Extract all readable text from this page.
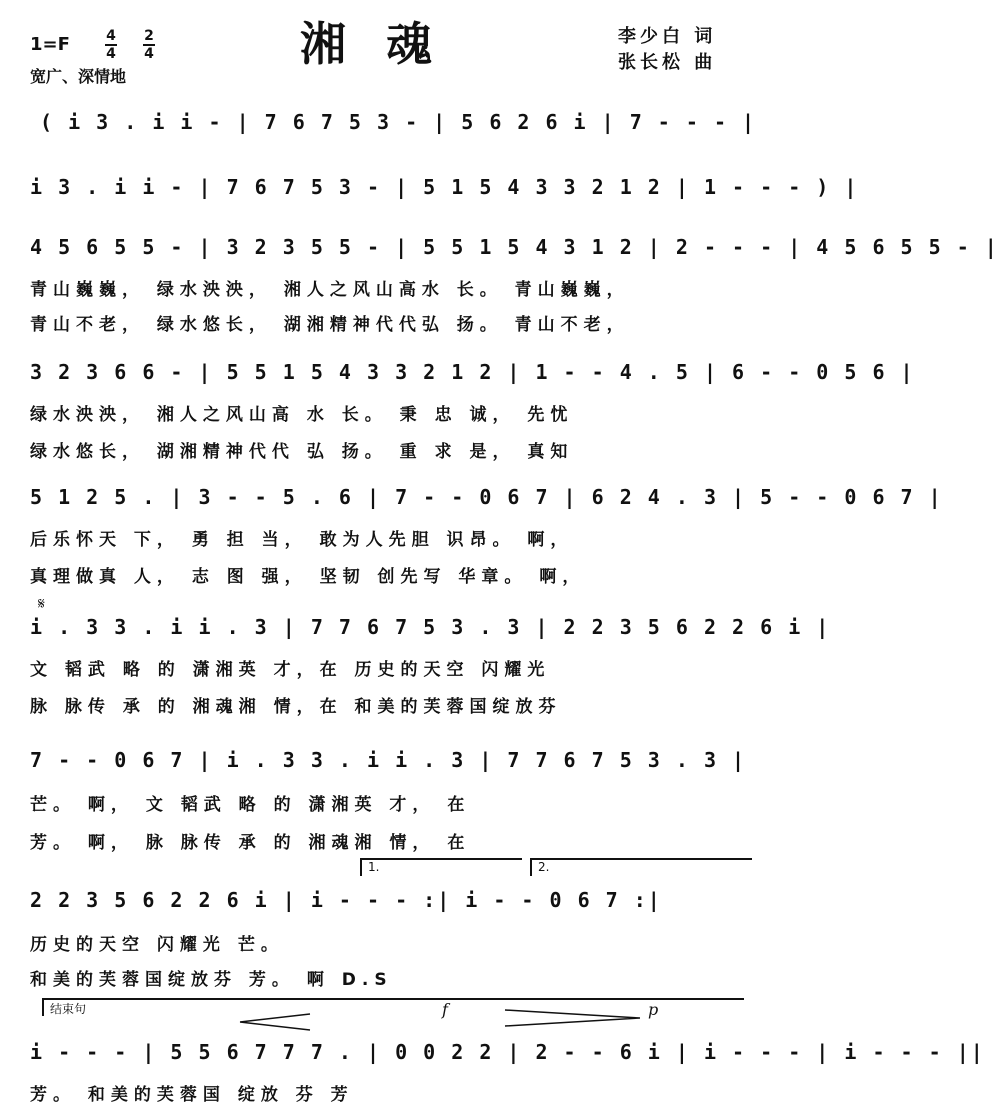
1=F	$\frac{4}{4} \frac{2}{4}$
宽广、深情地
湘魂	李少白 词
张长松 曲
( i 3 . i i - | 7 6 7 5 3 - | 5 6 2 6 i | 7 - - - |
i 3 . i i - | 7 6 7 5 3 - | 5 1 5 4 3 3 2 1 2 | 1 - - - ) |
4 5 6 5 5 - | 3 2 3 5 5 - | 5 5 1 5 4 3 1 2 | 2 - - - | 4 5 6 5 5 - |
青山巍巍， 绿水泱泱， 湘人之风山高水 长。 青山巍巍，
青山不老， 绿水悠长， 湖湘精神代代弘 扬。 青山不老，
3 2 3 6 6 - | 5 5 1 5 4 3 3 2 1 2 | 1 - - 4 . 5 | 6 - - 0 5 6 |
绿水泱泱， 湘人之风山高 水 长。 秉 忠 诚， 先忧
绿水悠长， 湖湘精神代代 弘 扬。 重 求 是， 真知
5 1 2 5 . | 3 - - 5 . 6 | 7 - - 0 6 7 | 6 2 4 . 3 | 5 - - 0 6 7 |
后乐怀天 下， 勇 担 当， 敢为人先胆 识昂。 啊，
真理做真 人， 志 图 强， 坚韧 创先写 华章。 啊，
𝄋
i . 3 3 . i i . 3 | 7 7 6 7 5 3 . 3 | 2 2 3 5 6 2 2 6 i |
文 韬武 略 的 潇湘英 才，在 历史的天空 闪耀光
脉 脉传 承 的 湘魂湘 情，在 和美的芙蓉国绽放芬
7 - - 0 6 7 | i . 3 3 . i i . 3 | 7 7 6 7 5 3 . 3 |
芒。 啊， 文 韬武 略 的 潇湘英 才， 在
芳。 啊， 脉 脉传 承 的 湘魂湘 情， 在
1.	2.
2 2 3 5 6 2 2 6 i | i - - - :| i - - 0 6 7 :|
历史的天空 闪耀光 芒。
和美的芙蓉国绽放芬 芳。 啊 D.S
结束句	f	p
i - - - | 5 5 6 7 7 7 . | 0 0 2 2 | 2 - - 6 i | i - - - | i - - - ||
芳。 和美的芙蓉国 绽放 芬 芳
